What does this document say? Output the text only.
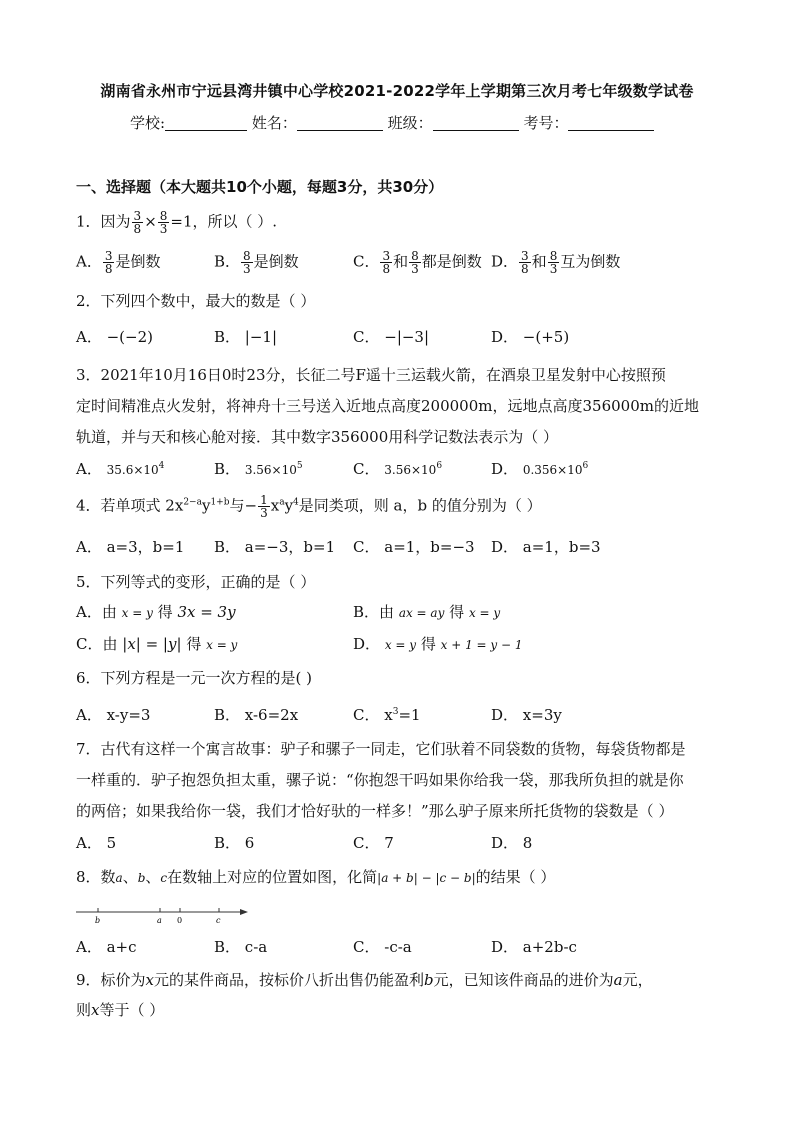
湖南省永州市宁远县湾井镇中心学校2021-2022学年上学期第三次月考七年级数学试卷
学校:	姓名：	班级：	考号：
一、选择题（本大题共10个小题，每题3分，共30分）
1．因为 $\frac{3}{8} \times \frac{8}{3} =1$，所以（ ）.
A． $\frac{3}{8}$ 是倒数	B． $\frac{8}{3}$ 是倒数	C． $\frac{3}{8}$ 和 $\frac{8}{3}$ 都是倒数 D． $\frac{3}{8}$ 和 $\frac{8}{3}$ 互为倒数
2．下列四个数中，最大的数是（ ）
A． −(−2)	B． |−1|	C． −|−3|	D． −(+5)
3．2021年10月16日0时23分，长征二号F遥十三运载火箭，在酒泉卫星发射中心按照预
定时间精准点火发射，将神舟十三号送入近地点高度200000m，远地点高度356000m的近地
轨道，并与天和核心舱对接．其中数字356000用科学记数法表示为（ ）
A． $35.6\times 10^4$	B． $3.56\times 10^5$	C． $3.56\times 10^6$	D． $0.356\times 10^6$
4．若单项式 $2x^{2-a}y^{1+b}$与− $\frac{1}{3} x^ay^4$是同类项，则 a，b 的值分别为（ ）
A． a=3，b=1 B． a=−3，b=1 C． a=1，b=−3 D． a=1，b=3
5．下列等式的变形，正确的是（ ）
A．由 x = y 得 3x = 3y	B．由 ax = ay 得 x = y
C．由 |x| = |y| 得 x = y	D． x = y 得 x + 1 = y − 1
6．下列方程是一元一次方程的是( )
A． x-y=3	B． x-6=2x	C． $x^3=1$	D． x=3y
7．古代有这样一个寓言故事：驴子和骡子一同走，它们驮着不同袋数的货物，每袋货物都是
一样重的．驴子抱怨负担太重，骡子说：“你抱怨干吗如果你给我一袋，那我所负担的就是你
的两倍；如果我给你一袋，我们才恰好驮的一样多！”那么驴子原来所托货物的袋数是（ ）
A． 5	B． 6	C． 7	D． 8
8．数a、b、c在数轴上对应的位置如图，化简|a + b| − |c − b|的结果（ ）
b	a 0	c
A． a+c	B． c-a	C． -c-a	D． a+2b-c
9．标价为x元的某件商品，按标价八折出售仍能盈利b元，已知该件商品的进价为a元，
则x等于（ ）
